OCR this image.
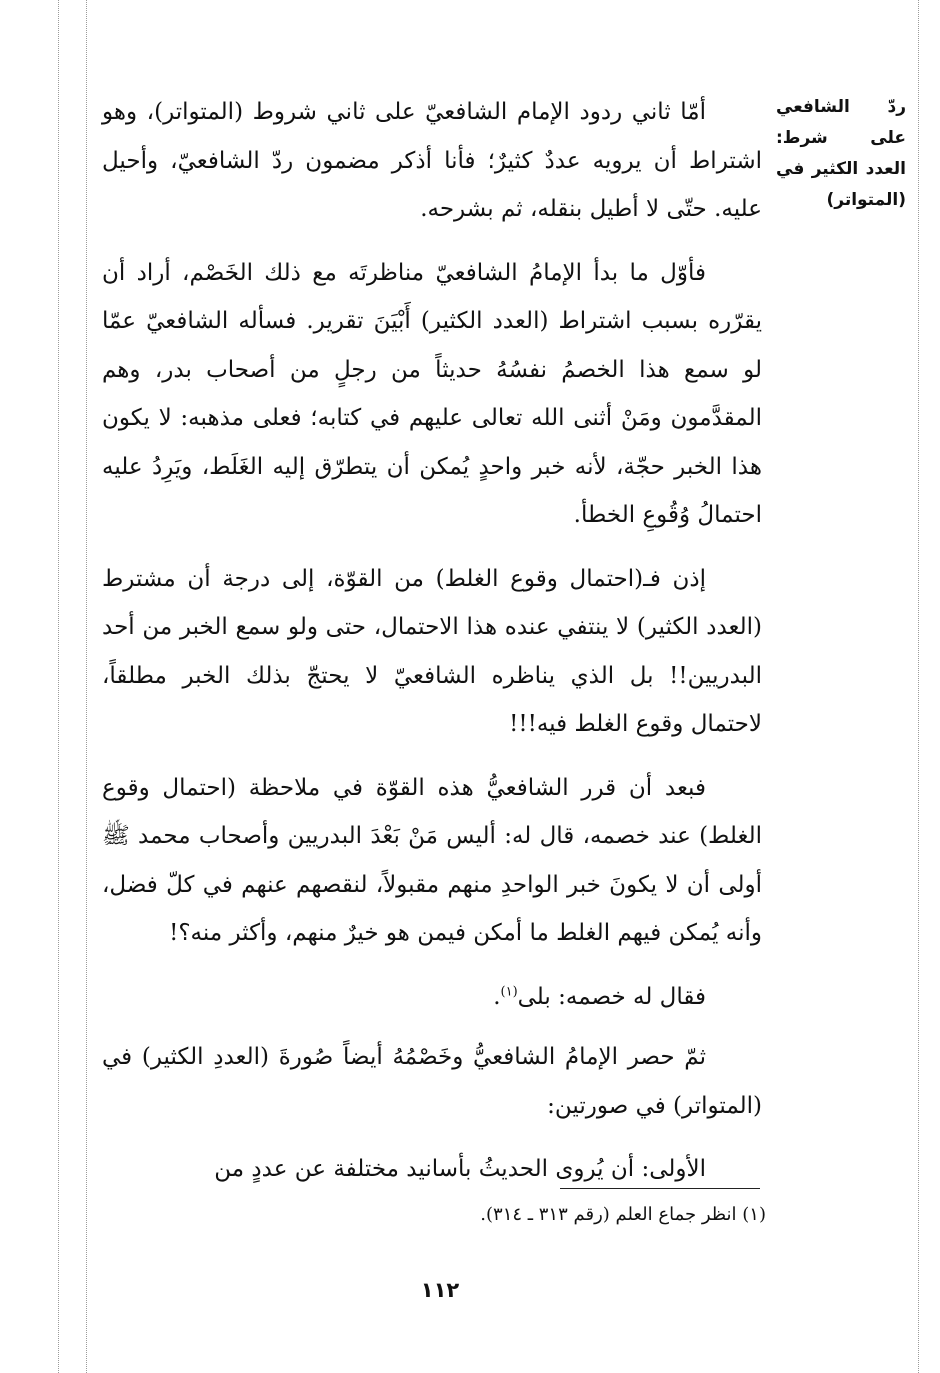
ردّ الشافعي على شرط: العدد الكثير في (المتواتر)

أمّا ثاني ردود الإمام الشافعيّ على ثاني شروط (المتواتر)، وهو اشتراط أن يرويه عددٌ كثيرٌ؛ فأنا أذكر مضمون ردّ الشافعيّ، وأحيل عليه. حتّى لا أطيل بنقله، ثم بشرحه.

فأوّل ما بدأ الإمامُ الشافعيّ مناظرتَه مع ذلك الخَصْم، أراد أن يقرّره بسبب اشتراط (العدد الكثير) أَبْيَنَ تقرير. فسأله الشافعيّ عمّا لو سمع هذا الخصمُ نفسُهُ حديثاً من رجلٍ من أصحاب بدر، وهم المقدَّمون ومَنْ أثنى الله تعالى عليهم في كتابه؛ فعلى مذهبه: لا يكون هذا الخبر حجّة، لأنه خبر واحدٍ يُمكن أن يتطرّق إليه الغَلَط، ويَرِدُ عليه احتمالُ وُقُوعِ الخطأ.

إذن فـ(احتمال وقوع الغلط) من القوّة، إلى درجة أن مشترط (العدد الكثير) لا ينتفي عنده هذا الاحتمال، حتى ولو سمع الخبر من أحد البدريين!! بل الذي يناظره الشافعيّ لا يحتجّ بذلك الخبر مطلقاً، لاحتمال وقوع الغلط فيه!!!

فبعد أن قرر الشافعيُّ هذه القوّة في ملاحظة (احتمال وقوع الغلط) عند خصمه، قال له: أليس مَنْ بَعْدَ البدريين وأصحاب محمد ﷺ أولى أن لا يكونَ خبر الواحدِ منهم مقبولاً، لنقصهم عنهم في كلّ فضل، وأنه يُمكن فيهم الغلط ما أمكن فيمن هو خيرٌ منهم، وأكثر منه؟!

فقال له خصمه: بلى$^{(١)}$.

ثمّ حصر الإمامُ الشافعيُّ وخَصْمُهُ أيضاً صُورةَ (العددِ الكثير) في (المتواتر) في صورتين:

الأولى: أن يُروى الحديثُ بأسانيد مختلفة عن عددٍ من

(١) انظر جماع العلم (رقم ٣١٣ ـ ٣١٤).
١١٢
